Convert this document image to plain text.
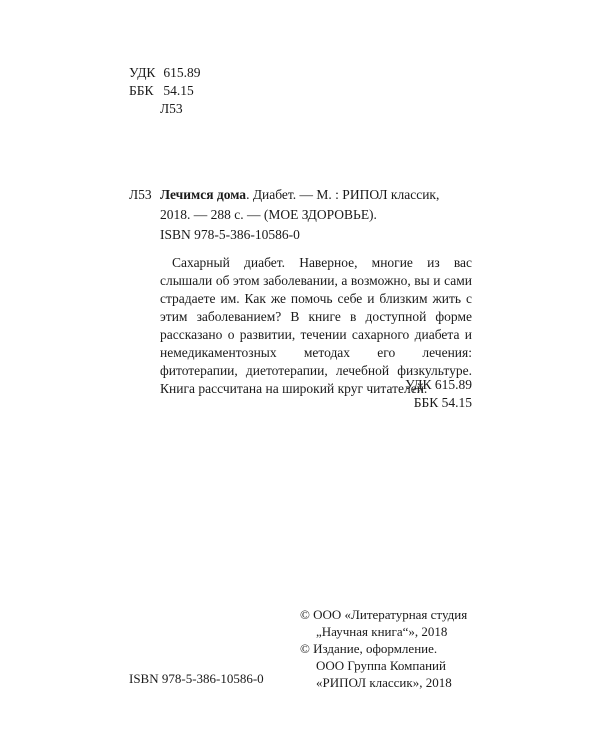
УДК 615.89
ББК 54.15
Л53
Л53 Лечимся дома. Диабет. — М. : РИПОЛ классик,
2018. — 288 с. — (МОЕ ЗДОРОВЬЕ).
ISBN 978-5-386-10586-0

Сахарный диабет. Наверное, многие из вас слышали об этом заболевании, а возможно, вы и сами страдаете им. Как же помочь себе и близким жить с этим заболеванием? В книге в доступной форме рассказано о развитии, течении сахарного диабета и немедикаментозных методах его лечения: фитотерапии, диетотерапии, лечебной физкультуре. Книга рассчитана на широкий круг читателей.

УДК 615.89
ББК 54.15
ISBN 978-5-386-10586-0
© ООО «Литературная студия
„Научная книга“», 2018
© Издание, оформление.
ООО Группа Компаний
«РИПОЛ классик», 2018
